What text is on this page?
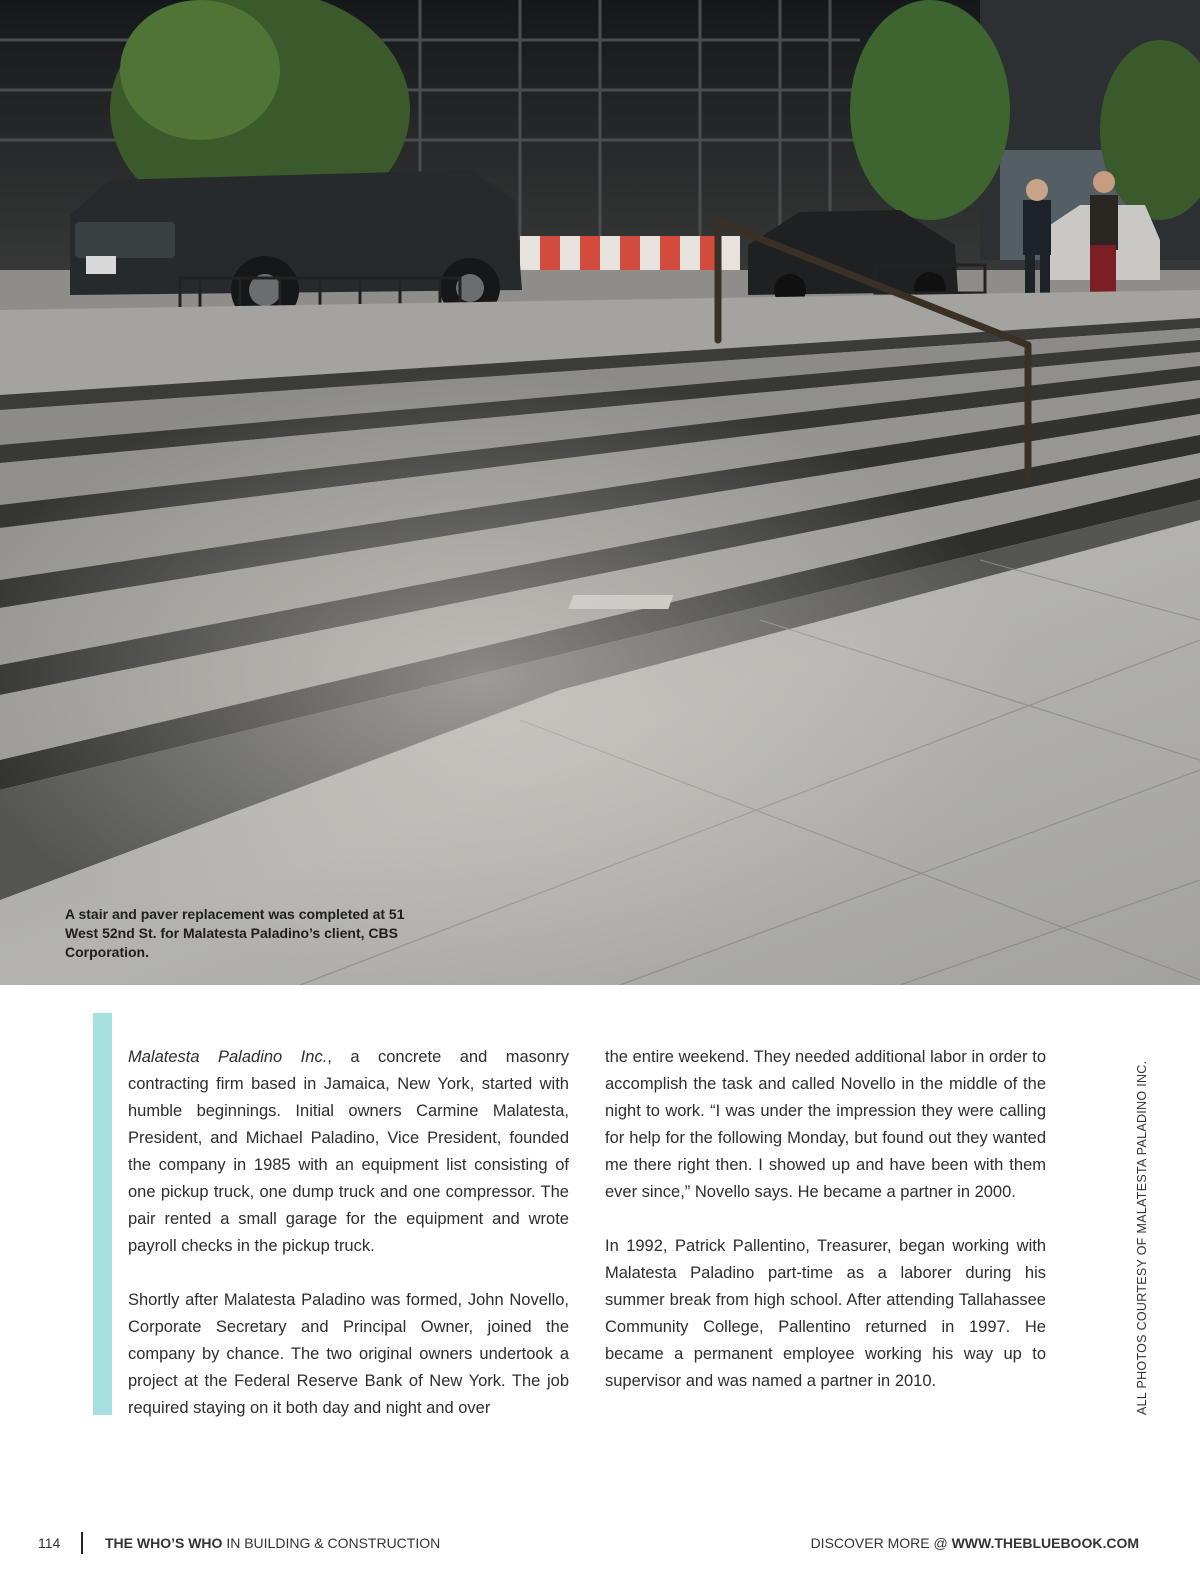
A stair and paver replacement was completed at 51 West 52nd St. for Malatesta Paladino’s client, CBS Corporation.

Malatesta Paladino Inc., a concrete and masonry contracting firm based in Jamaica, New York, started with humble beginnings. Initial owners Carmine Malatesta, President, and Michael Paladino, Vice President, founded the company in 1985 with an equipment list consisting of one pickup truck, one dump truck and one compressor. The pair rented a small garage for the equipment and wrote payroll checks in the pickup truck.

Shortly after Malatesta Paladino was formed, John Novello, Corporate Secretary and Principal Owner, joined the company by chance. The two original owners undertook a project at the Federal Reserve Bank of New York. The job required staying on it both day and night and over

the entire weekend. They needed additional labor in order to accomplish the task and called Novello in the middle of the night to work. “I was under the impression they were calling for help for the following Monday, but found out they wanted me there right then. I showed up and have been with them ever since,” Novello says. He became a partner in 2000.

In 1992, Patrick Pallentino, Treasurer, began working with Malatesta Paladino part-time as a laborer during his summer break from high school. After attending Tallahassee Community College, Pallentino returned in 1997. He became a permanent employee working his way up to supervisor and was named a partner in 2010.	ALL PHOTOS COURTESY OF MALATESTA PALADINO INC.
114	THE WHO’S WHO IN BUILDING & CONSTRUCTION	DISCOVER MORE @ WWW.THEBLUEBOOK.COM
